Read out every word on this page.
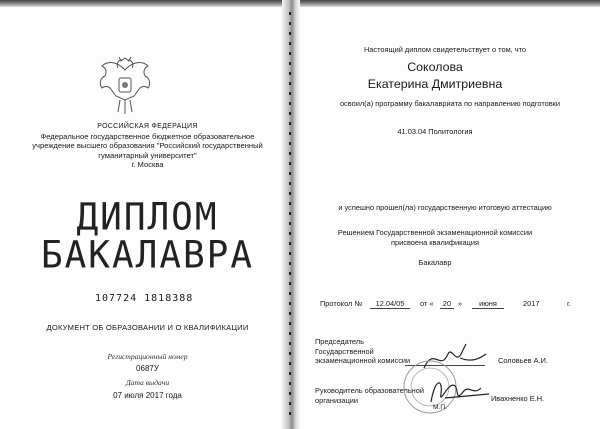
РОССИЙСКАЯ ФЕДЕРАЦИЯ
Федеральное государственное бюджетное образовательное
учреждение высшего образования "Российский государственный
гуманитарный университет"
г. Москва
ДИПЛОМ
БАКАЛАВРА
107724 1818388
ДОКУМЕНТ ОБ ОБРАЗОВАНИИ И О КВАЛИФИКАЦИИ
Регистрационный номер
0687У
Дата выдачи
07 июля 2017 года
Настоящий диплом свидетельствует о том, что
Соколова
Екатерина Дмитриевна
освоил(а) программу бакалавриата по направлению подготовки
41.03.04 Политология
и успешно прошел(ла) государственную итоговую аттестацию
Решением Государственной экзаменационной комиссии
присвоена квалификация
Бакалавр
Протокол №	12.04/05	от «	20 »	июня	2017	г.
Председатель
Государственной
экзаменационной комиссии	Соловьев А.И.
Руководитель образовательной
организации
М.П.
Ивахненко Е.Н.
